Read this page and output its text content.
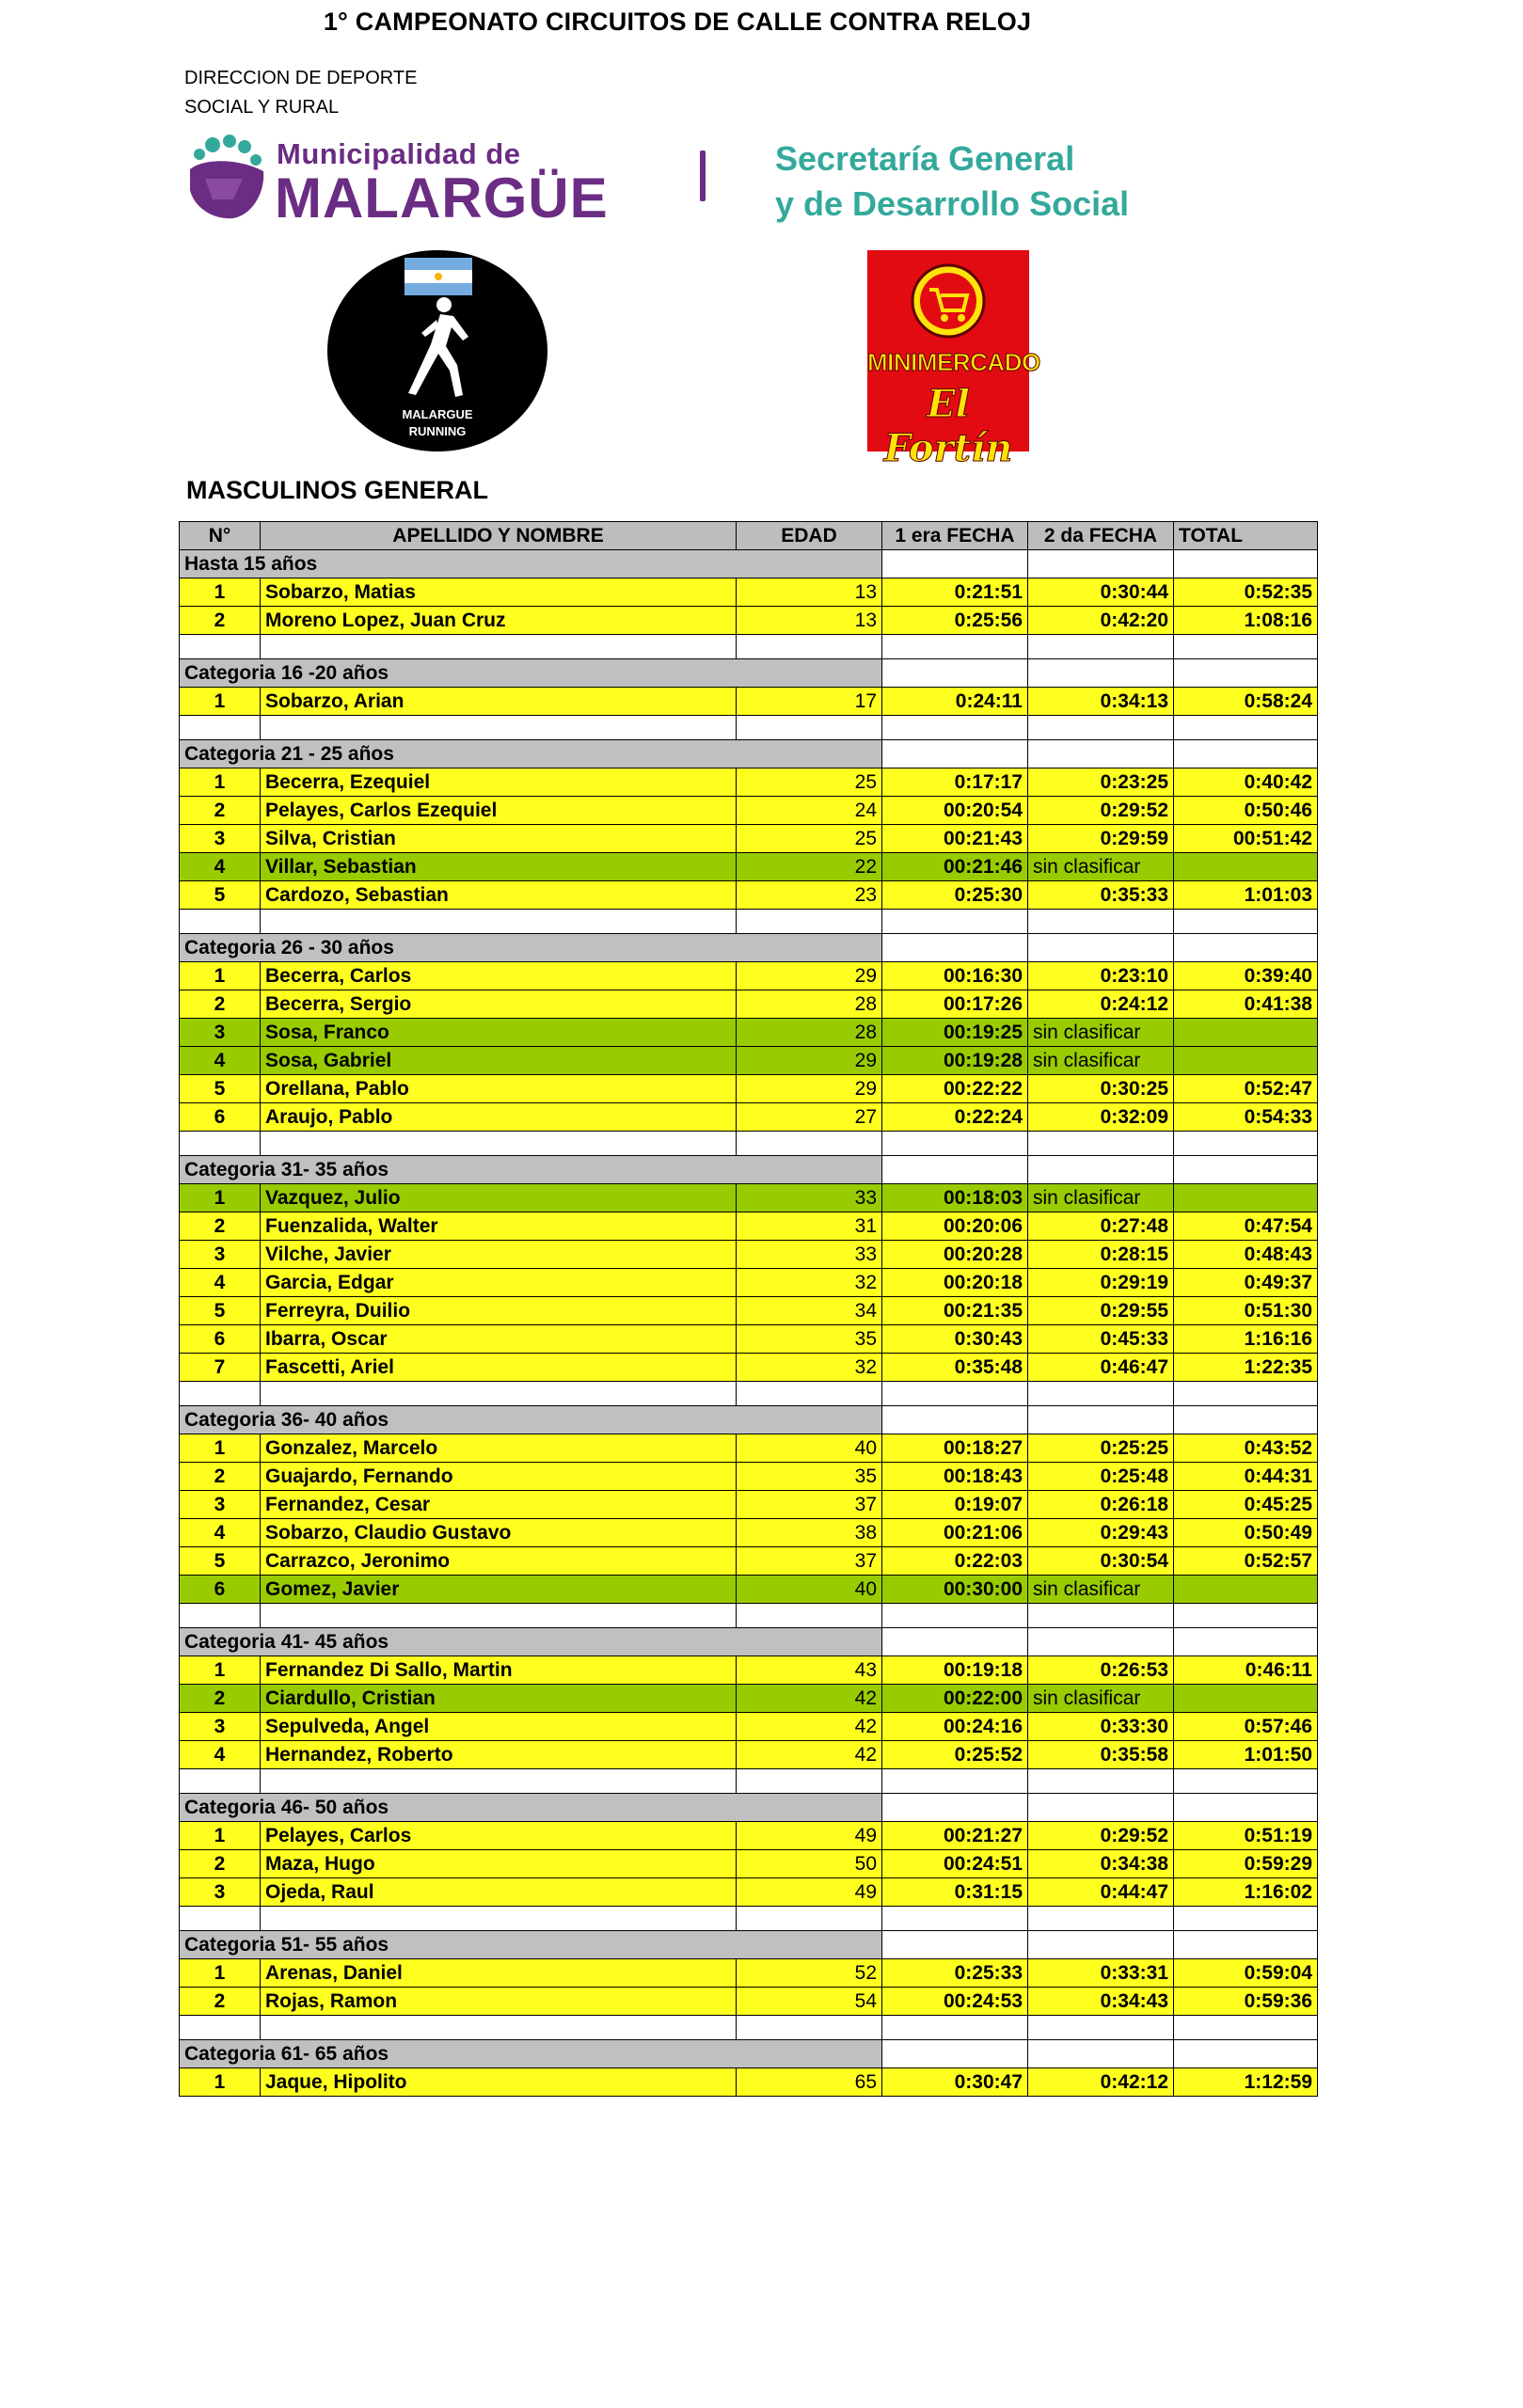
1° CAMPEONATO CIRCUITOS DE CALLE CONTRA RELOJ
DIRECCION DE DEPORTE
SOCIAL Y RURAL
Municipalidad de
MALARGÜE
Secretaría General
y de Desarrollo Social
MALARGUE
RUNNING
MINIMERCADO
El Fortín
MASCULINOS GENERAL
N°	APELLIDO Y NOMBRE	EDAD	1 era FECHA	2 da FECHA	TOTAL
Hasta 15 años					
1	Sobarzo, Matias	13	0:21:51	0:30:44	0:52:35
2	Moreno Lopez, Juan Cruz	13	0:25:56	0:42:20	1:08:16

Categoria 16 -20 años					
1	Sobarzo, Arian	17	0:24:11	0:34:13	0:58:24

Categoria 21 - 25 años					
1	Becerra, Ezequiel	25	0:17:17	0:23:25	0:40:42
2	Pelayes, Carlos Ezequiel	24	00:20:54	0:29:52	0:50:46
3	Silva, Cristian	25	00:21:43	0:29:59	00:51:42
4	Villar, Sebastian	22	00:21:46	sin clasificar	
5	Cardozo, Sebastian	23	0:25:30	0:35:33	1:01:03

Categoria 26 - 30 años					
1	Becerra, Carlos	29	00:16:30	0:23:10	0:39:40
2	Becerra, Sergio	28	00:17:26	0:24:12	0:41:38
3	Sosa, Franco	28	00:19:25	sin clasificar	
4	Sosa, Gabriel	29	00:19:28	sin clasificar	
5	Orellana, Pablo	29	00:22:22	0:30:25	0:52:47
6	Araujo, Pablo	27	0:22:24	0:32:09	0:54:33

Categoria 31- 35 años					
1	Vazquez, Julio	33	00:18:03	sin clasificar	
2	Fuenzalida, Walter	31	00:20:06	0:27:48	0:47:54
3	Vilche, Javier	33	00:20:28	0:28:15	0:48:43
4	Garcia, Edgar	32	00:20:18	0:29:19	0:49:37
5	Ferreyra, Duilio	34	00:21:35	0:29:55	0:51:30
6	Ibarra, Oscar	35	0:30:43	0:45:33	1:16:16
7	Fascetti, Ariel	32	0:35:48	0:46:47	1:22:35

Categoria 36- 40 años					
1	Gonzalez, Marcelo	40	00:18:27	0:25:25	0:43:52
2	Guajardo, Fernando	35	00:18:43	0:25:48	0:44:31
3	Fernandez, Cesar	37	0:19:07	0:26:18	0:45:25
4	Sobarzo, Claudio Gustavo	38	00:21:06	0:29:43	0:50:49
5	Carrazco, Jeronimo	37	0:22:03	0:30:54	0:52:57
6	Gomez, Javier	40	00:30:00	sin clasificar	

Categoria 41- 45 años					
1	Fernandez Di Sallo, Martin	43	00:19:18	0:26:53	0:46:11
2	Ciardullo, Cristian	42	00:22:00	sin clasificar	
3	Sepulveda, Angel	42	00:24:16	0:33:30	0:57:46
4	Hernandez, Roberto	42	0:25:52	0:35:58	1:01:50

Categoria 46- 50 años					
1	Pelayes, Carlos	49	00:21:27	0:29:52	0:51:19
2	Maza, Hugo	50	00:24:51	0:34:38	0:59:29
3	Ojeda, Raul	49	0:31:15	0:44:47	1:16:02

Categoria 51- 55 años					
1	Arenas, Daniel	52	0:25:33	0:33:31	0:59:04
2	Rojas, Ramon	54	00:24:53	0:34:43	0:59:36

Categoria 61- 65 años					
1	Jaque, Hipolito	65	0:30:47	0:42:12	1:12:59
